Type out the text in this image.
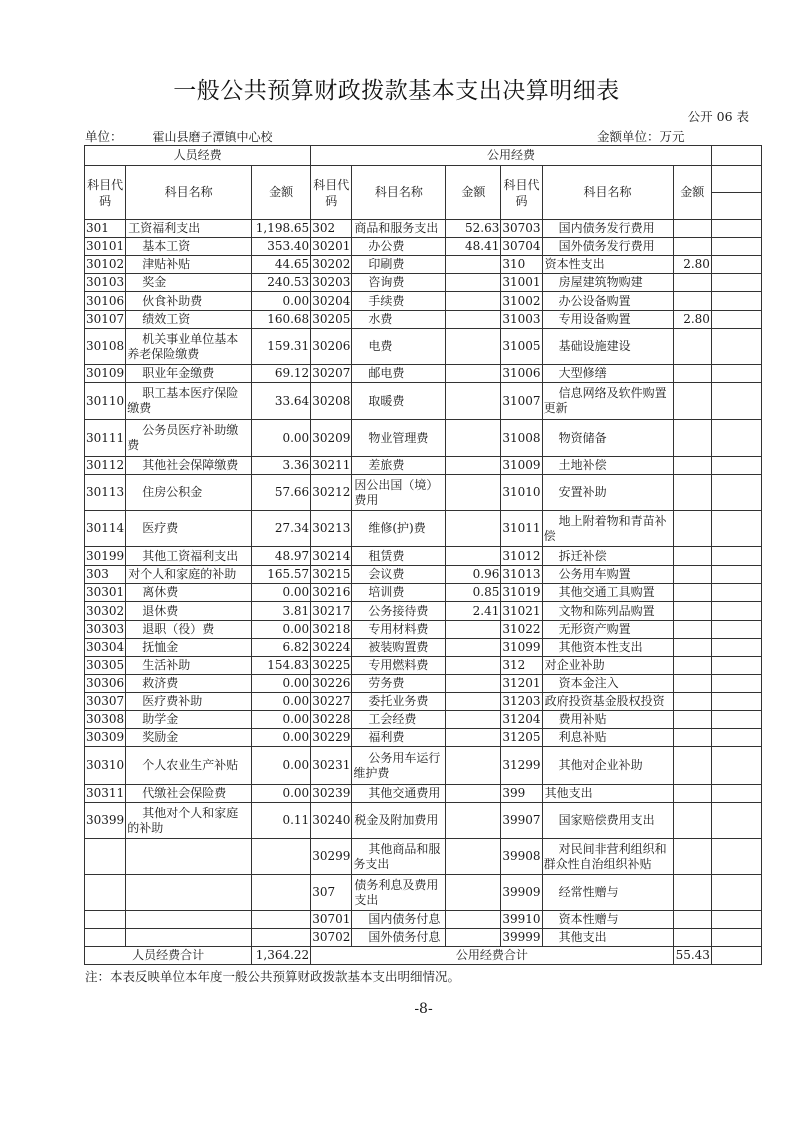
一般公共预算财政拨款基本支出决算明细表
公开 06 表
单位：	霍山县磨子潭镇中心校	金额单位：万元
人员经费			公用经费						
科目代码	科目名称	金额	科目代码	科目名称	金额	科目代码	科目名称	金额	

301	工资福利支出	1,198.65	302	商品和服务支出	52.63	30703	国内债务发行费用		
30101	基本工资	353.40	30201	办公费	48.41	30704	国外债务发行费用		
30102	津贴补贴	44.65	30202	印刷费		310	资本性支出	2.80	
30103	奖金	240.53	30203	咨询费		31001	房屋建筑物购建		
30106	伙食补助费	0.00	30204	手续费		31002	办公设备购置		
30107	绩效工资	160.68	30205	水费		31003	专用设备购置	2.80	
30108	机关事业单位基本养老保险缴费	159.31	30206	电费		31005	基础设施建设		
30109	职业年金缴费	69.12	30207	邮电费		31006	大型修缮		
30110	职工基本医疗保险缴费	33.64	30208	取暖费		31007	信息网络及软件购置更新		
30111	公务员医疗补助缴费	0.00	30209	物业管理费		31008	物资储备		
30112	其他社会保障缴费	3.36	30211	差旅费		31009	土地补偿		
30113	住房公积金	57.66	30212	因公出国（境）费用		31010	安置补助		
30114	医疗费	27.34	30213	维修(护)费		31011	地上附着物和青苗补偿		
30199	其他工资福利支出	48.97	30214	租赁费		31012	拆迁补偿		
303	对个人和家庭的补助	165.57	30215	会议费	0.96	31013	公务用车购置		
30301	离休费	0.00	30216	培训费	0.85	31019	其他交通工具购置		
30302	退休费	3.81	30217	公务接待费	2.41	31021	文物和陈列品购置		
30303	退职（役）费	0.00	30218	专用材料费		31022	无形资产购置		
30304	抚恤金	6.82	30224	被装购置费		31099	其他资本性支出		
30305	生活补助	154.83	30225	专用燃料费		312	对企业补助		
30306	救济费	0.00	30226	劳务费		31201	资本金注入		
30307	医疗费补助	0.00	30227	委托业务费		31203	政府投资基金股权投资		
30308	助学金	0.00	30228	工会经费		31204	费用补贴		
30309	奖励金	0.00	30229	福利费		31205	利息补贴		
30310	个人农业生产补贴	0.00	30231	公务用车运行维护费		31299	其他对企业补助		
30311	代缴社会保险费	0.00	30239	其他交通费用		399	其他支出		
30399	其他对个人和家庭的补助	0.11	30240	税金及附加费用		39907	国家赔偿费用支出		
			30299	其他商品和服务支出		39908	对民间非营利组织和群众性自治组织补贴		
			307	债务利息及费用支出		39909	经常性赠与		
			30701	国内债务付息		39910	资本性赠与		
			30702	国外债务付息		39999	其他支出		
人员经费合计		1,364.22	公用经费合计					55.43	
注：本表反映单位本年度一般公共预算财政拨款基本支出明细情况。
-8-
